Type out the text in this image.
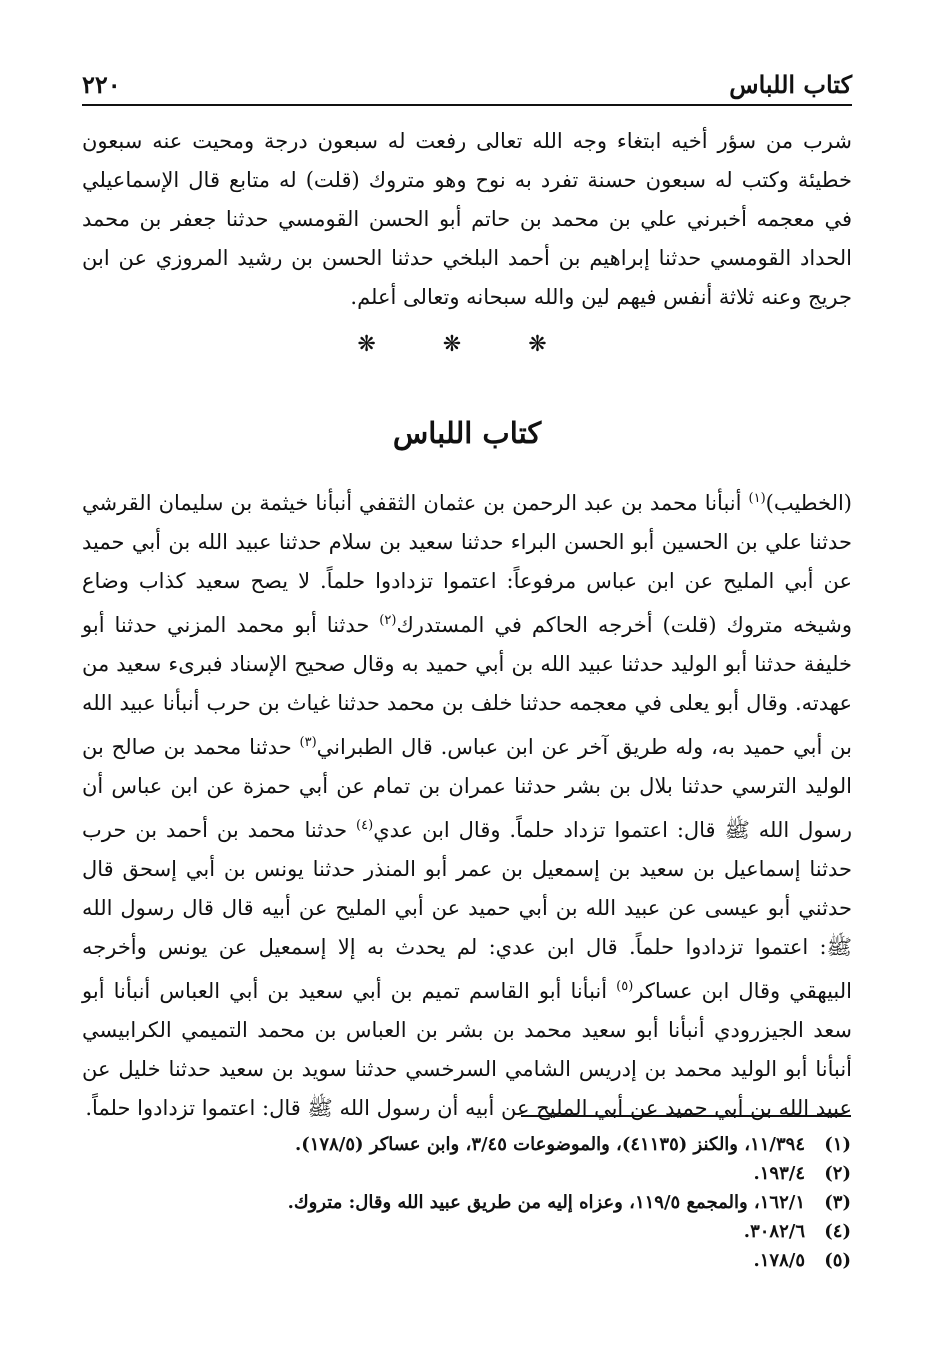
كتاب اللباس
٢٢٠

شرب من سؤر أخيه ابتغاء وجه الله تعالى رفعت له سبعون درجة ومحيت عنه سبعون خطيئة وكتب له سبعون حسنة تفرد به نوح وهو متروك (قلت) له متابع قال الإسماعيلي في معجمه أخبرني علي بن محمد بن حاتم أبو الحسن القومسي حدثنا جعفر بن محمد الحداد القومسي حدثنا إبراهيم بن أحمد البلخي حدثنا الحسن بن رشيد المروزي عن ابن جريج وعنه ثلاثة أنفس فيهم لين والله سبحانه وتعالى أعلم.

❋ ❋ ❋
كتاب اللباس

(الخطيب)$^{(١)}$ أنبأنا محمد بن عبد الرحمن بن عثمان الثقفي أنبأنا خيثمة بن سليمان القرشي حدثنا علي بن الحسين أبو الحسن البراء حدثنا سعيد بن سلام حدثنا عبيد الله بن أبي حميد عن أبي المليح عن ابن عباس مرفوعاً: اعتموا تزدادوا حلماً. لا يصح سعيد كذاب وضاع وشيخه متروك (قلت) أخرجه الحاكم في المستدرك$^{(٢)}$ حدثنا أبو محمد المزني حدثنا أبو خليفة حدثنا أبو الوليد حدثنا عبيد الله بن أبي حميد به وقال صحيح الإسناد فبرىء سعيد من عهدته. وقال أبو يعلى في معجمه حدثنا خلف بن محمد حدثنا غياث بن حرب أنبأنا عبيد الله بن أبي حميد به، وله طريق آخر عن ابن عباس. قال الطبراني$^{(٣)}$ حدثنا محمد بن صالح بن الوليد الترسي حدثنا بلال بن بشر حدثنا عمران بن تمام عن أبي حمزة عن ابن عباس أن رسول الله ﷺ قال: اعتموا تزداد حلماً. وقال ابن عدي$^{(٤)}$ حدثنا محمد بن أحمد بن حرب حدثنا إسماعيل بن سعيد بن إسمعيل بن عمر أبو المنذر حدثنا يونس بن أبي إسحق قال حدثني أبو عيسى عن عبيد الله بن أبي حميد عن أبي المليح عن أبيه قال قال رسول الله ﷺ: اعتموا تزدادوا حلماً. قال ابن عدي: لم يحدث به إلا إسمعيل عن يونس وأخرجه البيهقي وقال ابن عساكر$^{(٥)}$ أنبأنا أبو القاسم تميم بن أبي سعيد بن أبي العباس أنبأنا أبو سعد الجيزرودي أنبأنا أبو سعيد محمد بن بشر بن العباس بن محمد التميمي الكرابيسي أنبأنا أبو الوليد محمد بن إدريس الشامي السرخسي حدثنا سويد بن سعيد حدثنا خليل عن عبيد الله بن أبي حميد عن أبي المليح عن أبيه أن رسول الله ﷺ قال: اعتموا تزدادوا حلماً.

(١)
١١/٣٩٤، والكنز (٤١١٣٥)، والموضوعات ٣/٤٥، وابن عساكر (١٧٨/٥).
(٢)
١٩٣/٤.
(٣)
١٦٢/١، والمجمع ١١٩/٥، وعزاه إليه من طريق عبيد الله وقال: متروك.
(٤)
٣٠٨٢/٦.
(٥)
١٧٨/٥.
